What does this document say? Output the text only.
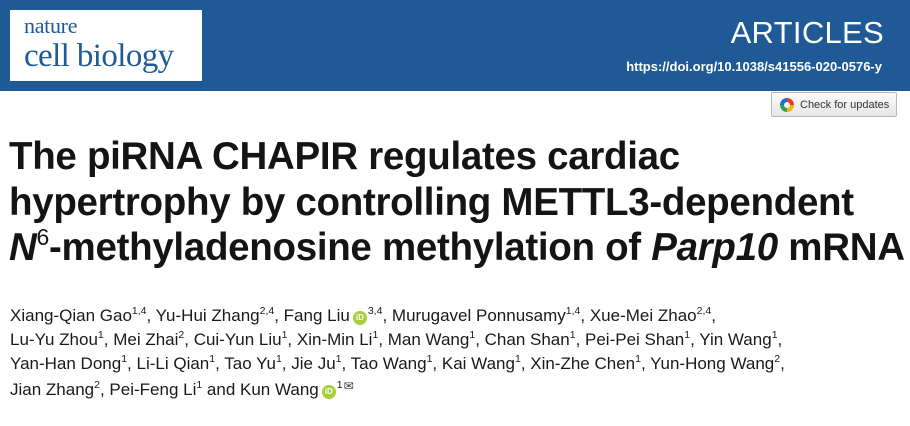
nature
cell biology
ARTICLES
https://doi.org/10.1038/s41556-020-0576-y
Check for updates
The piRNA CHAPIR regulates cardiac
hypertrophy by controlling METTL3-dependent
$N^6$-methyladenosine methylation of Parp10 mRNA
Xiang-Qian Gao$^{1,4}$, Yu-Hui Zhang$^{2,4}$, Fang Liu iD$^{3,4}$, Murugavel Ponnusamy$^{1,4}$, Xue-Mei Zhao$^{2,4}$,
Lu-Yu Zhou$^1$, Mei Zhai$^2$, Cui-Yun Liu$^1$, Xin-Min Li$^1$, Man Wang$^1$, Chan Shan$^1$, Pei-Pei Shan$^1$, Yin Wang$^1$,
Yan-Han Dong$^1$, Li-Li Qian$^1$, Tao Yu$^1$, Jie Ju$^1$, Tao Wang$^1$, Kai Wang$^1$, Xin-Zhe Chen$^1$, Yun-Hong Wang$^2$,
Jian Zhang$^2$, Pei-Feng Li$^1$ and Kun Wang $iD^{1✉}$
